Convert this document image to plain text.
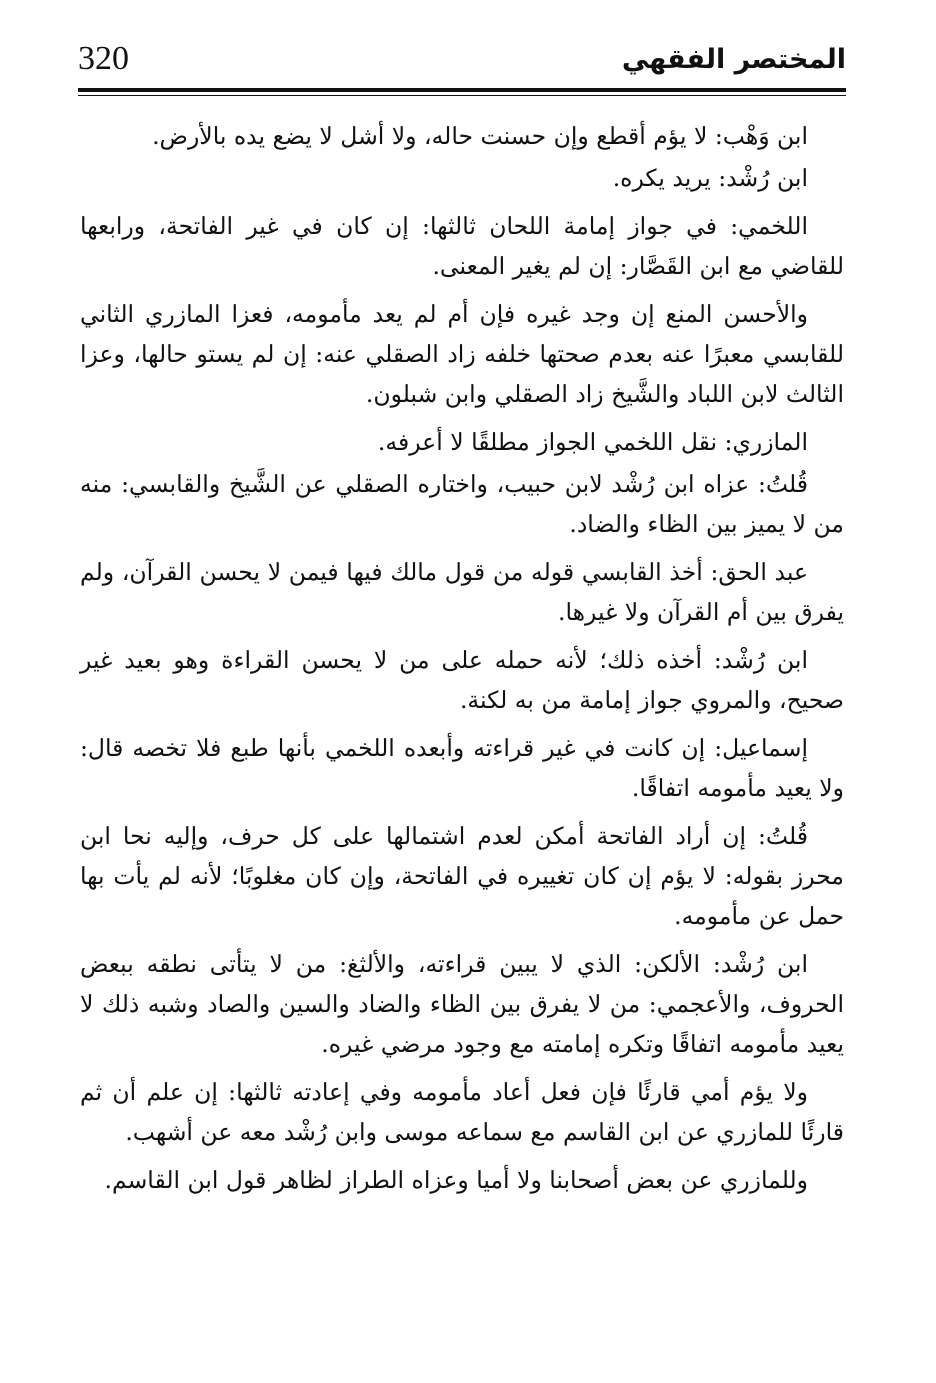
المختصر الفقهي
320

ابن وَهْب: لا يؤم أقطع وإن حسنت حاله، ولا أشل لا يضع يده بالأرض.

ابن رُشْد: يريد يكره.

اللخمي: في جواز إمامة اللحان ثالثها: إن كان في غير الفاتحة، ورابعها للقاضي مع ابن القَصَّار: إن لم يغير المعنى.

والأحسن المنع إن وجد غيره فإن أم لم يعد مأمومه، فعزا المازري الثاني للقابسي معبرًا عنه بعدم صحتها خلفه زاد الصقلي عنه: إن لم يستو حالها، وعزا الثالث لابن اللباد والشَّيخ زاد الصقلي وابن شبلون.

المازري: نقل اللخمي الجواز مطلقًا لا أعرفه.

قُلتُ: عزاه ابن رُشْد لابن حبيب، واختاره الصقلي عن الشَّيخ والقابسي: منه من لا يميز بين الظاء والضاد.

عبد الحق: أخذ القابسي قوله من قول مالك فيها فيمن لا يحسن القرآن، ولم يفرق بين أم القرآن ولا غيرها.

ابن رُشْد: أخذه ذلك؛ لأنه حمله على من لا يحسن القراءة وهو بعيد غير صحيح، والمروي جواز إمامة من به لكنة.

إسماعيل: إن كانت في غير قراءته وأبعده اللخمي بأنها طبع فلا تخصه قال: ولا يعيد مأمومه اتفاقًا.

قُلتُ: إن أراد الفاتحة أمكن لعدم اشتمالها على كل حرف، وإليه نحا ابن محرز بقوله: لا يؤم إن كان تغييره في الفاتحة، وإن كان مغلوبًا؛ لأنه لم يأت بها حمل عن مأمومه.

ابن رُشْد: الألكن: الذي لا يبين قراءته، والألثغ: من لا يتأتى نطقه ببعض الحروف، والأعجمي: من لا يفرق بين الظاء والضاد والسين والصاد وشبه ذلك لا يعيد مأمومه اتفاقًا وتكره إمامته مع وجود مرضي غيره.

ولا يؤم أمي قارئًا فإن فعل أعاد مأمومه وفي إعادته ثالثها: إن علم أن ثم قارئًا للمازري عن ابن القاسم مع سماعه موسى وابن رُشْد معه عن أشهب.

وللمازري عن بعض أصحابنا ولا أميا وعزاه الطراز لظاهر قول ابن القاسم.
